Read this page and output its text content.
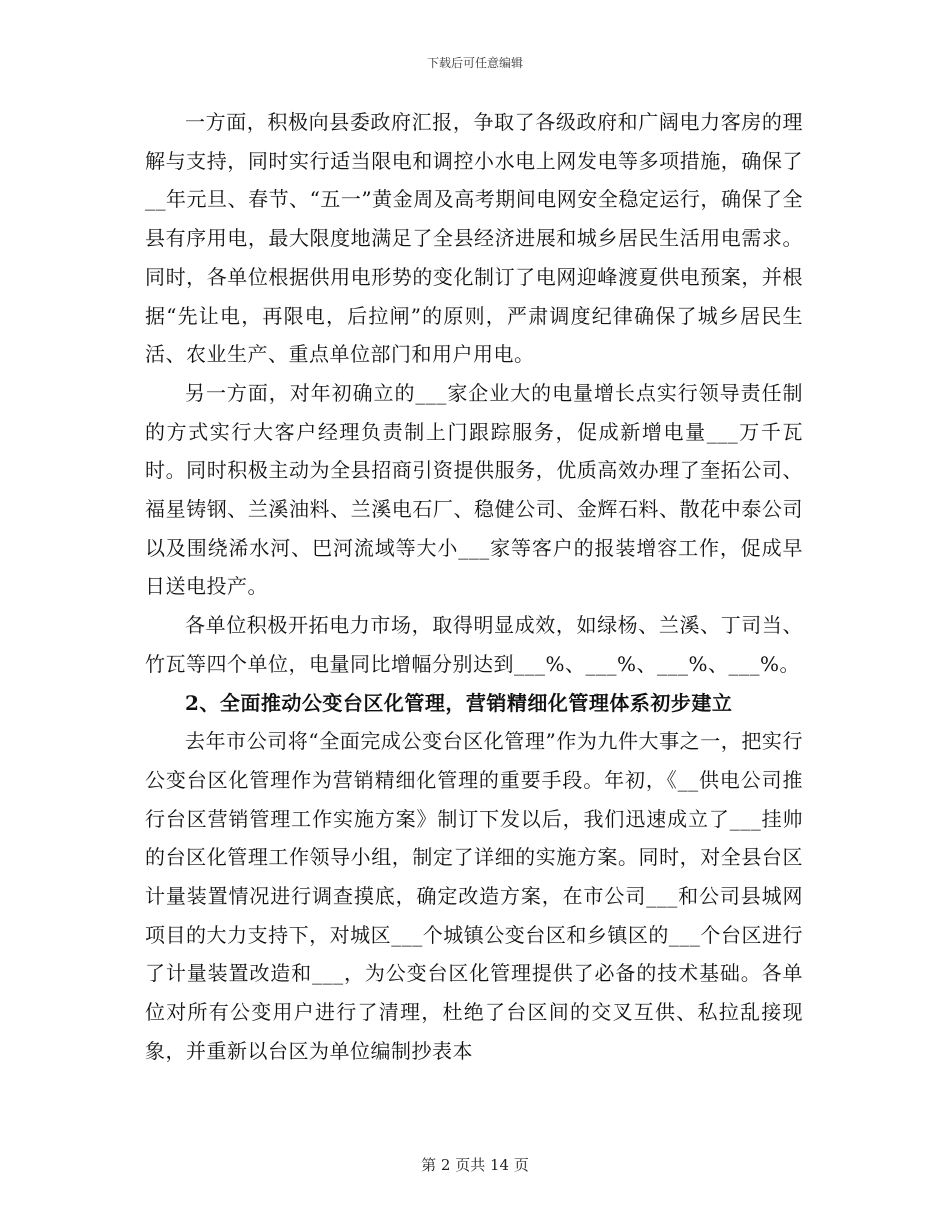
下载后可任意编辑

一方面，积极向县委政府汇报，争取了各级政府和广阔电力客房的理解与支持，同时实行适当限电和调控小水电上网发电等多项措施，确保了__年元旦、春节、“五一”黄金周及高考期间电网安全稳定运行，确保了全县有序用电，最大限度地满足了全县经济进展和城乡居民生活用电需求。同时，各单位根据供用电形势的变化制订了电网迎峰渡夏供电预案，并根据“先让电，再限电，后拉闸”的原则，严肃调度纪律确保了城乡居民生活、农业生产、重点单位部门和用户用电。

另一方面，对年初确立的___家企业大的电量增长点实行领导责任制的方式实行大客户经理负责制上门跟踪服务，促成新增电量___万千瓦时。同时积极主动为全县招商引资提供服务，优质高效办理了奎拓公司、福星铸钢、兰溪油料、兰溪电石厂、稳健公司、金辉石料、散花中泰公司以及围绕浠水河、巴河流域等大小___家等客户的报装增容工作，促成早日送电投产。

各单位积极开拓电力市场，取得明显成效，如绿杨、兰溪、丁司当、竹瓦等四个单位，电量同比增幅分别达到___%、___%、___%、___%。

2、全面推动公变台区化管理，营销精细化管理体系初步建立

去年市公司将“全面完成公变台区化管理”作为九件大事之一，把实行公变台区化管理作为营销精细化管理的重要手段。年初，《__供电公司推行台区营销管理工作实施方案》制订下发以后，我们迅速成立了___挂帅的台区化管理工作领导小组，制定了详细的实施方案。同时，对全县台区计量装置情况进行调查摸底，确定改造方案，在市公司___和公司县城网项目的大力支持下，对城区___个城镇公变台区和乡镇区的___个台区进行了计量装置改造和___，为公变台区化管理提供了必备的技术基础。各单位对所有公变用户进行了清理，杜绝了台区间的交叉互供、私拉乱接现象，并重新以台区为单位编制抄表本

第 2 页共 14 页
